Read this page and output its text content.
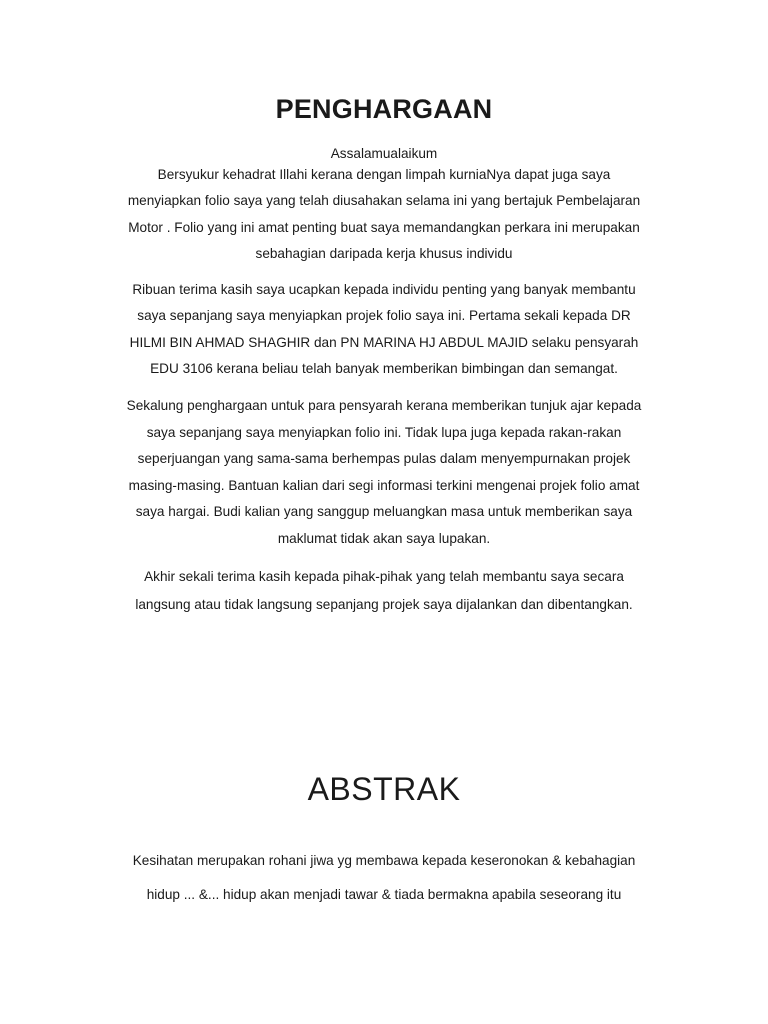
PENGHARGAAN

Assalamualaikum

Bersyukur kehadrat Illahi kerana dengan limpah kurniaNya dapat juga saya
menyiapkan folio saya yang telah diusahakan selama ini yang bertajuk Pembelajaran
Motor . Folio yang ini amat penting buat saya memandangkan perkara ini merupakan
sebahagian daripada kerja khusus individu

Ribuan terima kasih saya ucapkan kepada individu penting yang banyak membantu
saya sepanjang saya menyiapkan projek folio saya ini. Pertama sekali kepada DR
HILMI BIN AHMAD SHAGHIR dan PN MARINA HJ ABDUL MAJID selaku pensyarah
EDU 3106 kerana beliau telah banyak memberikan bimbingan dan semangat.

Sekalung penghargaan untuk para pensyarah kerana memberikan tunjuk ajar kepada
saya sepanjang saya menyiapkan folio ini. Tidak lupa juga kepada rakan-rakan
seperjuangan yang sama-sama berhempas pulas dalam menyempurnakan projek
masing-masing. Bantuan kalian dari segi informasi terkini mengenai projek folio amat
saya hargai. Budi kalian yang sanggup meluangkan masa untuk memberikan saya
maklumat tidak akan saya lupakan.

Akhir sekali terima kasih kepada pihak-pihak yang telah membantu saya secara
langsung atau tidak langsung sepanjang projek saya dijalankan dan dibentangkan.

ABSTRAK

Kesihatan merupakan rohani jiwa yg membawa kepada keseronokan & kebahagian
hidup ... &... hidup akan menjadi tawar & tiada bermakna apabila seseorang itu
